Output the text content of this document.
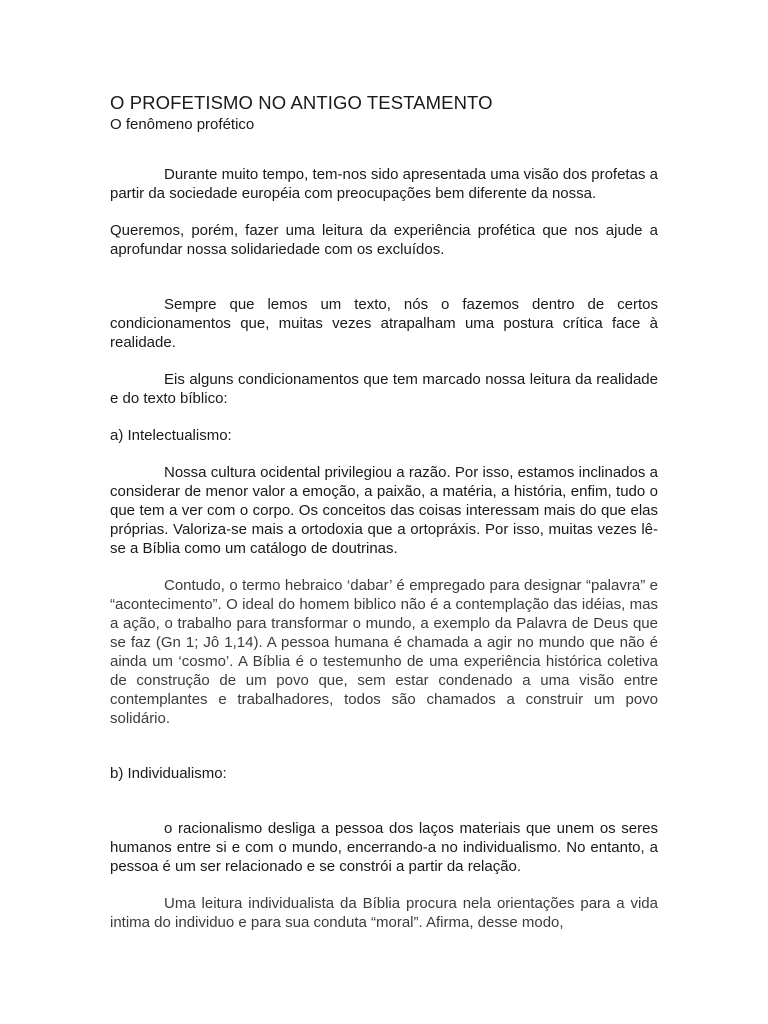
O PROFETISMO NO ANTIGO TESTAMENTO
O fenômeno profético

Durante muito tempo, tem-nos sido apresentada uma visão dos profetas a partir da sociedade européia com preocupações bem diferente da nossa.

Queremos, porém, fazer uma leitura da experiência profética que nos ajude a aprofundar nossa solidariedade com os excluídos.

Sempre que lemos um texto, nós o fazemos dentro de certos condicionamentos que, muitas vezes atrapalham uma postura crítica face à realidade.

Eis alguns condicionamentos que tem marcado nossa leitura da realidade e do texto bíblico:

a) Intelectualismo:

Nossa cultura ocidental privilegiou a razão. Por isso, estamos inclinados a considerar de menor valor a emoção, a paixão, a matéria, a história, enfim, tudo o que tem a ver com o corpo. Os conceitos das coisas interessam mais do que elas próprias. Valoriza-se mais a ortodoxia que a ortopráxis. Por isso, muitas vezes lê-se a Bíblia como um catálogo de doutrinas.

Contudo, o termo hebraico ‘dabar’ é empregado para designar “palavra” e “acontecimento”. O ideal do homem biblico não é a contemplação das idéias, mas a ação, o trabalho para transformar o mundo, a exemplo da Palavra de Deus que se faz (Gn 1; Jô 1,14). A pessoa humana é chamada a agir no mundo que não é ainda um ‘cosmo’. A Bíblia é o testemunho de uma experiência histórica coletiva de construção de um povo que, sem estar condenado a uma visão entre contemplantes e trabalhadores, todos são chamados a construir um povo solidário.

b) Individualismo:

o racionalismo desliga a pessoa dos laços materiais que unem os seres humanos entre si e com o mundo, encerrando-a no individualismo. No entanto, a pessoa é um ser relacionado e se constrói a partir da relação.

Uma leitura individualista da Bíblia procura nela orientações para a vida intima do individuo e para sua conduta “moral”. Afirma, desse modo,
